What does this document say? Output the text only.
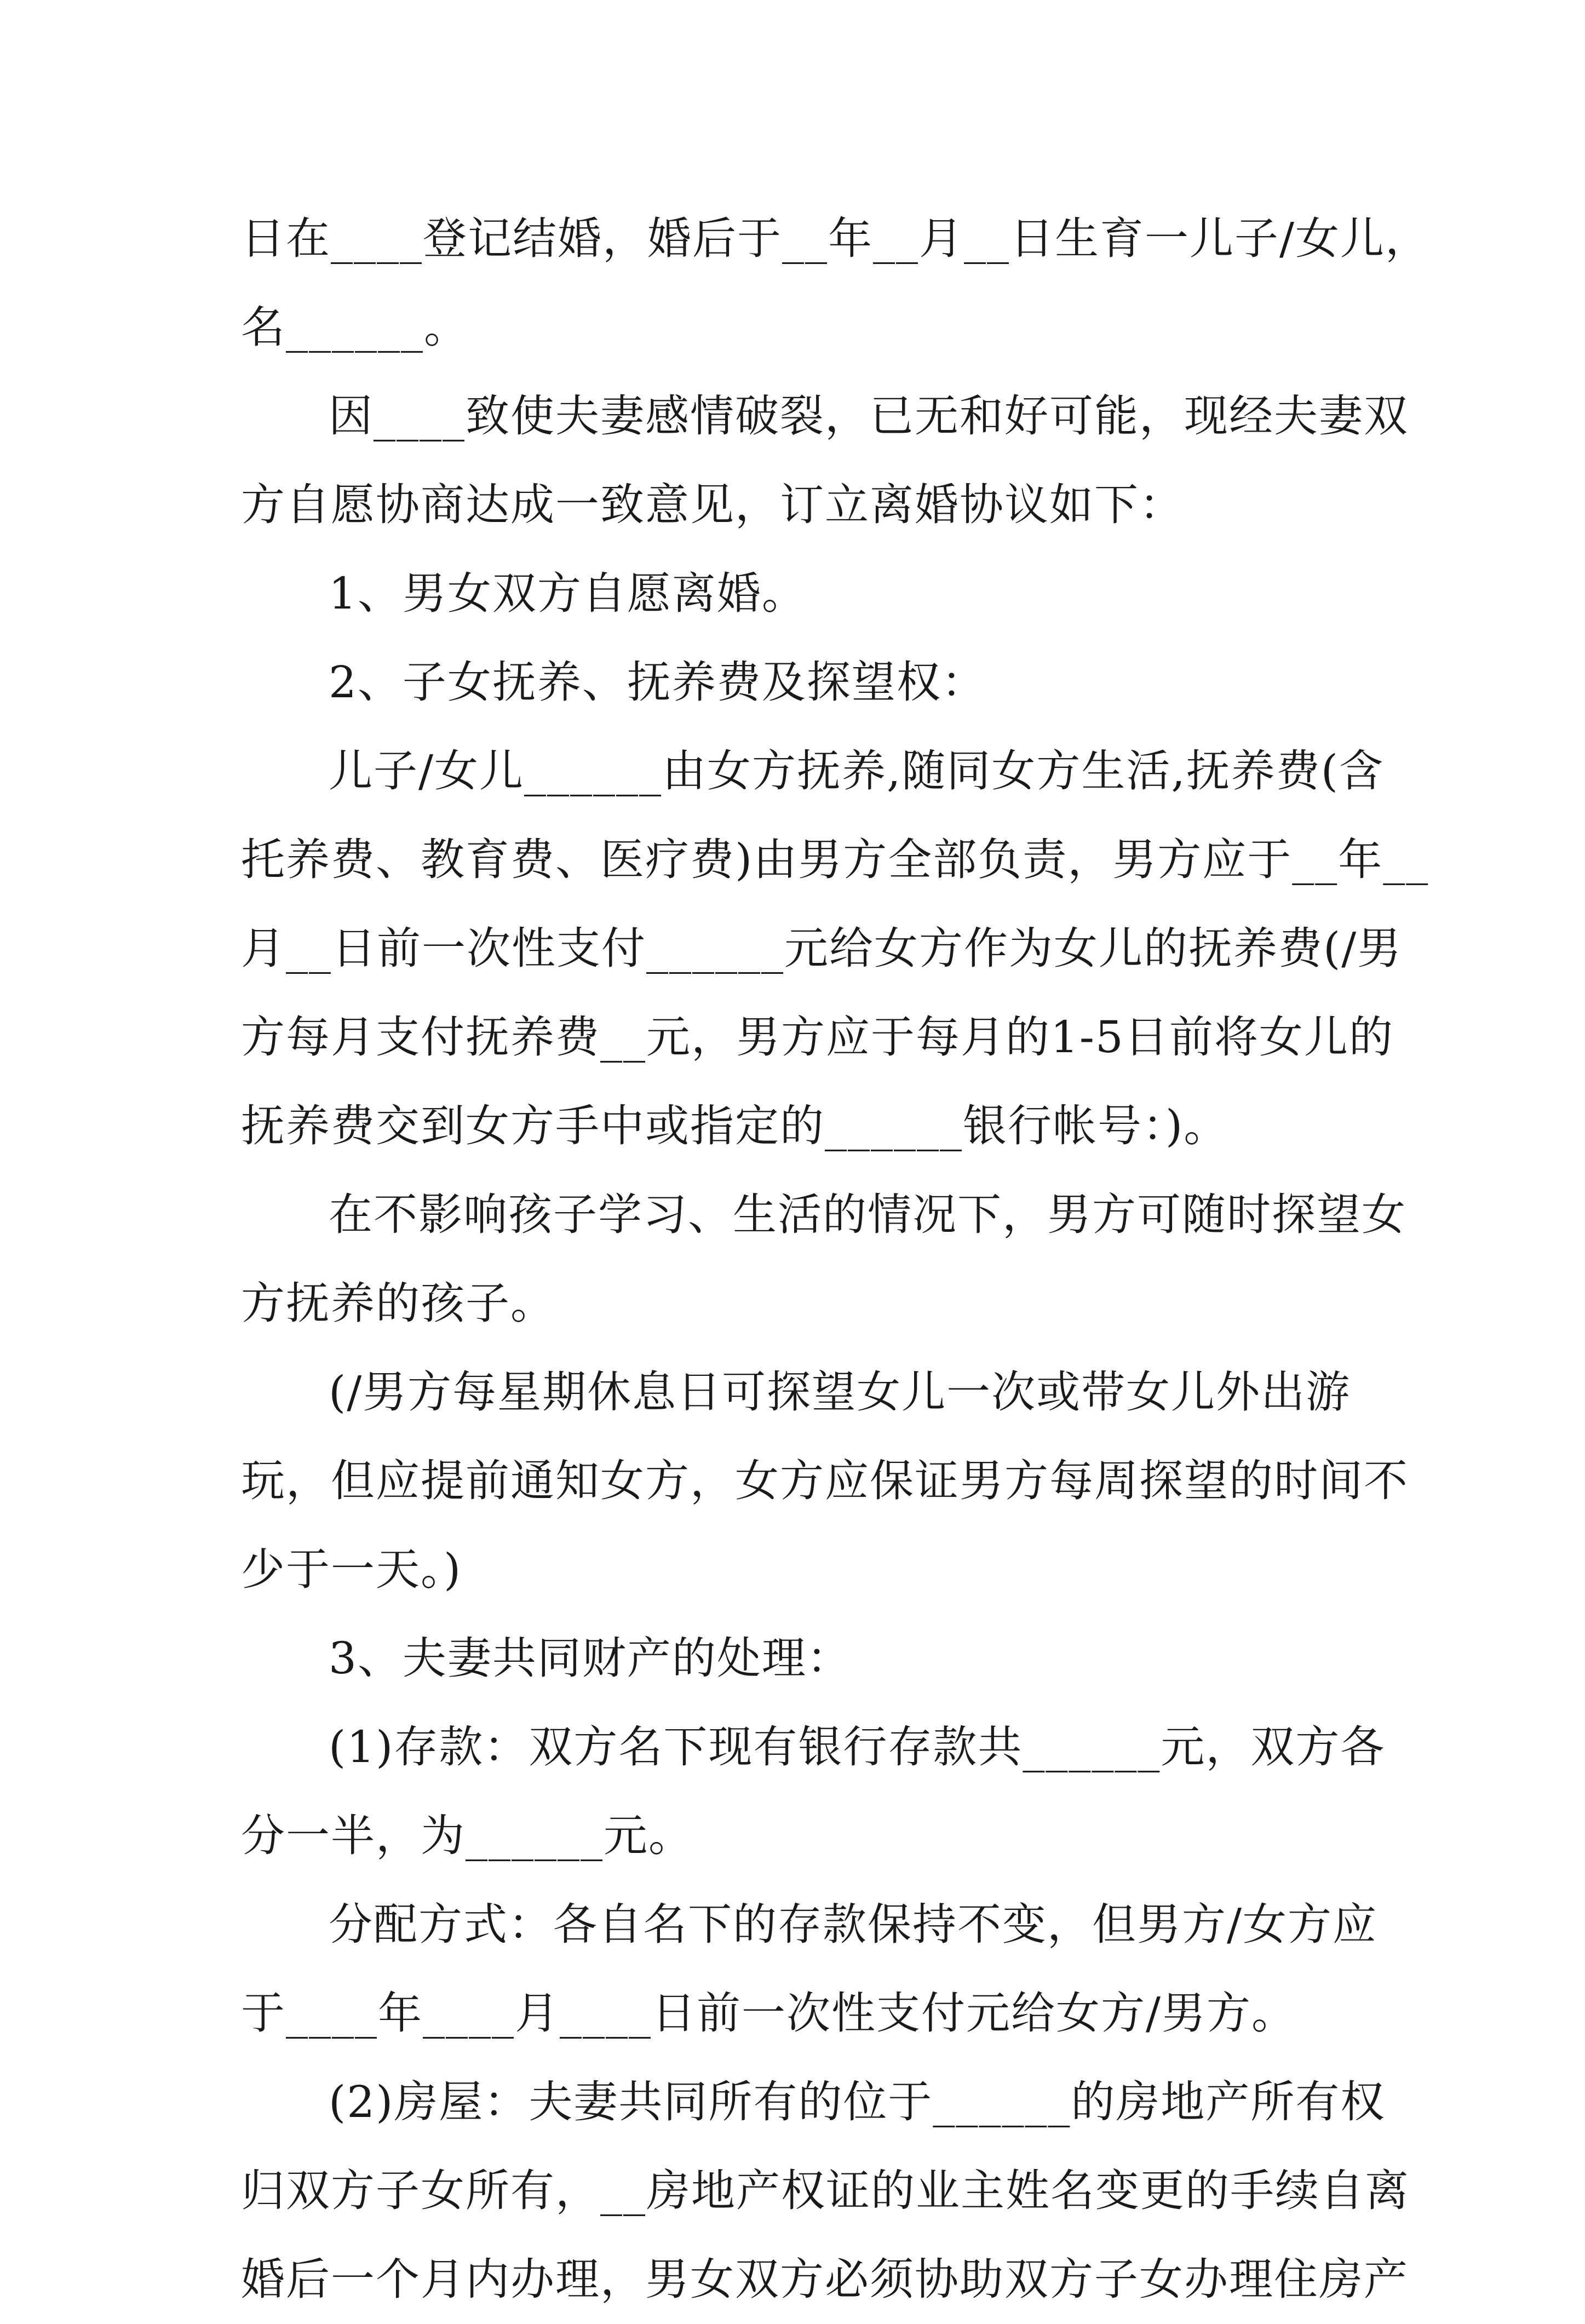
日在____登记结婚，婚后于__年__月__日生育一儿子/女儿，
名______。
因____致使夫妻感情破裂，已无和好可能，现经夫妻双
方自愿协商达成一致意见，订立离婚协议如下：
1、男女双方自愿离婚。
2、子女抚养、抚养费及探望权：
儿子/女儿______由女方抚养,随同女方生活,抚养费(含
托养费、教育费、医疗费)由男方全部负责，男方应于__年__
月__日前一次性支付______元给女方作为女儿的抚养费(/男
方每月支付抚养费__元，男方应于每月的1-5日前将女儿的
抚养费交到女方手中或指定的______银行帐号：)。
在不影响孩子学习、生活的情况下，男方可随时探望女
方抚养的孩子。
(/男方每星期休息日可探望女儿一次或带女儿外出游
玩，但应提前通知女方，女方应保证男方每周探望的时间不
少于一天。)
3、夫妻共同财产的处理：
(1)存款：双方名下现有银行存款共______元，双方各
分一半，为______元。
分配方式：各自名下的存款保持不变，但男方/女方应
于____年____月____日前一次性支付元给女方/男方。
(2)房屋：夫妻共同所有的位于______的房地产所有权
归双方子女所有，__房地产权证的业主姓名变更的手续自离
婚后一个月内办理，男女双方必须协助双方子女办理住房产
